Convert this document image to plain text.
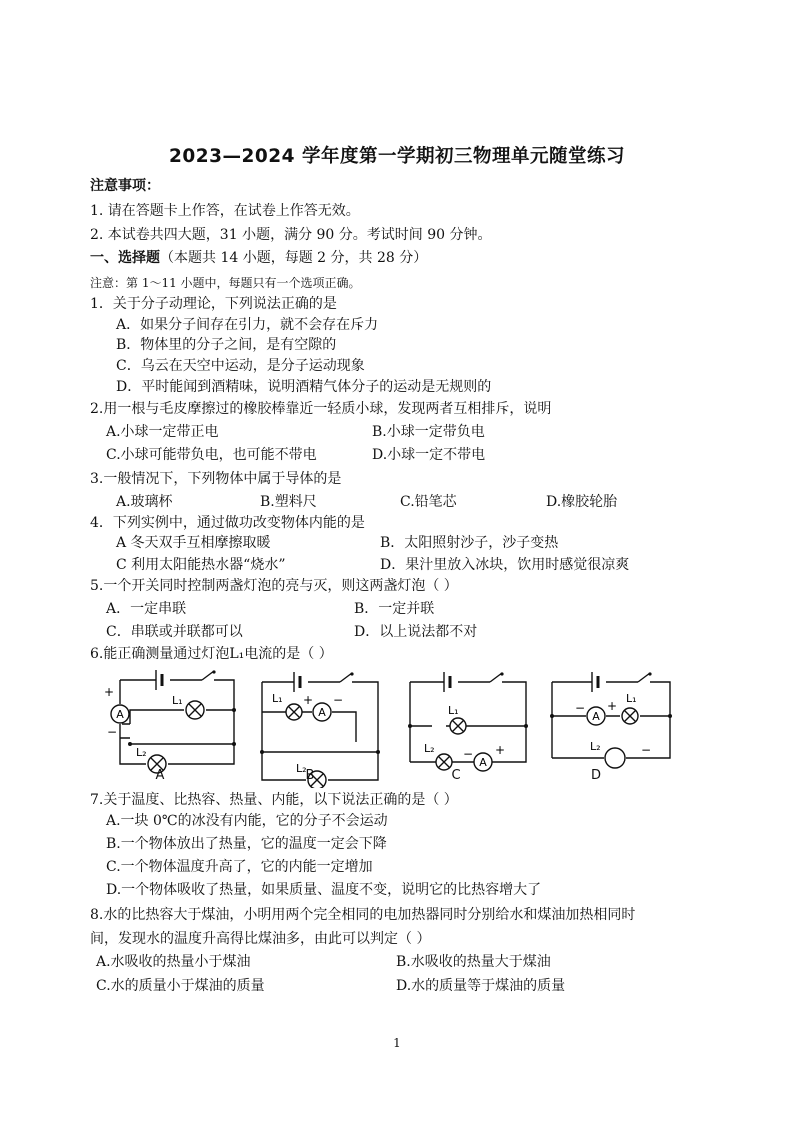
2023—2024 学年度第一学期初三物理单元随堂练习
注意事项：
1. 请在答题卡上作答，在试卷上作答无效。
2. 本试卷共四大题，31 小题，满分 90 分。考试时间 90 分钟。
一、选择题（本题共 14 小题，每题 2 分，共 28 分）
注意：第 1～11 小题中，每题只有一个选项正确。
1．关于分子动理论，下列说法正确的是
A．如果分子间存在引力，就不会存在斥力
B．物体里的分子之间，是有空隙的
C．乌云在天空中运动，是分子运动现象
D．平时能闻到酒精味，说明酒精气体分子的运动是无规则的
2.用一根与毛皮摩擦过的橡胶棒靠近一轻质小球，发现两者互相排斥，说明
A.小球一定带正电	B.小球一定带负电
C.小球可能带负电，也可能不带电	D.小球一定不带电
3.一般情况下，下列物体中属于导体的是
A.玻璃杯	B.塑料尺	C.铅笔芯	D.橡胶轮胎
4．下列实例中，通过做功改变物体内能的是
A 冬天双手互相摩擦取暖	B．太阳照射沙子，沙子变热
C 利用太阳能热水器“烧水”	D．果汁里放入冰块，饮用时感觉很凉爽
5.一个开关同时控制两盏灯泡的亮与灭，则这两盏灯泡（ ）
A．一定串联	B．一定并联
C．串联或并联都可以	D．以上说法都不对
6.能正确测量通过灯泡L₁电流的是（ ）
A
+
−
L₁
L₂
A
A
+ −
L₁
L₂
B
A
− +
L₁
L₂
C
A
− +
L₁
L₂	−
D
7.关于温度、比热容、热量、内能，以下说法正确的是（ ）
A.一块 0℃的冰没有内能，它的分子不会运动
B.一个物体放出了热量，它的温度一定会下降
C.一个物体温度升高了，它的内能一定增加
D.一个物体吸收了热量，如果质量、温度不变，说明它的比热容增大了
8.水的比热容大于煤油，小明用两个完全相同的电加热器同时分别给水和煤油加热相同时
间，发现水的温度升高得比煤油多，由此可以判定（ ）
A.水吸收的热量小于煤油	B.水吸收的热量大于煤油
C.水的质量小于煤油的质量	D.水的质量等于煤油的质量
1
